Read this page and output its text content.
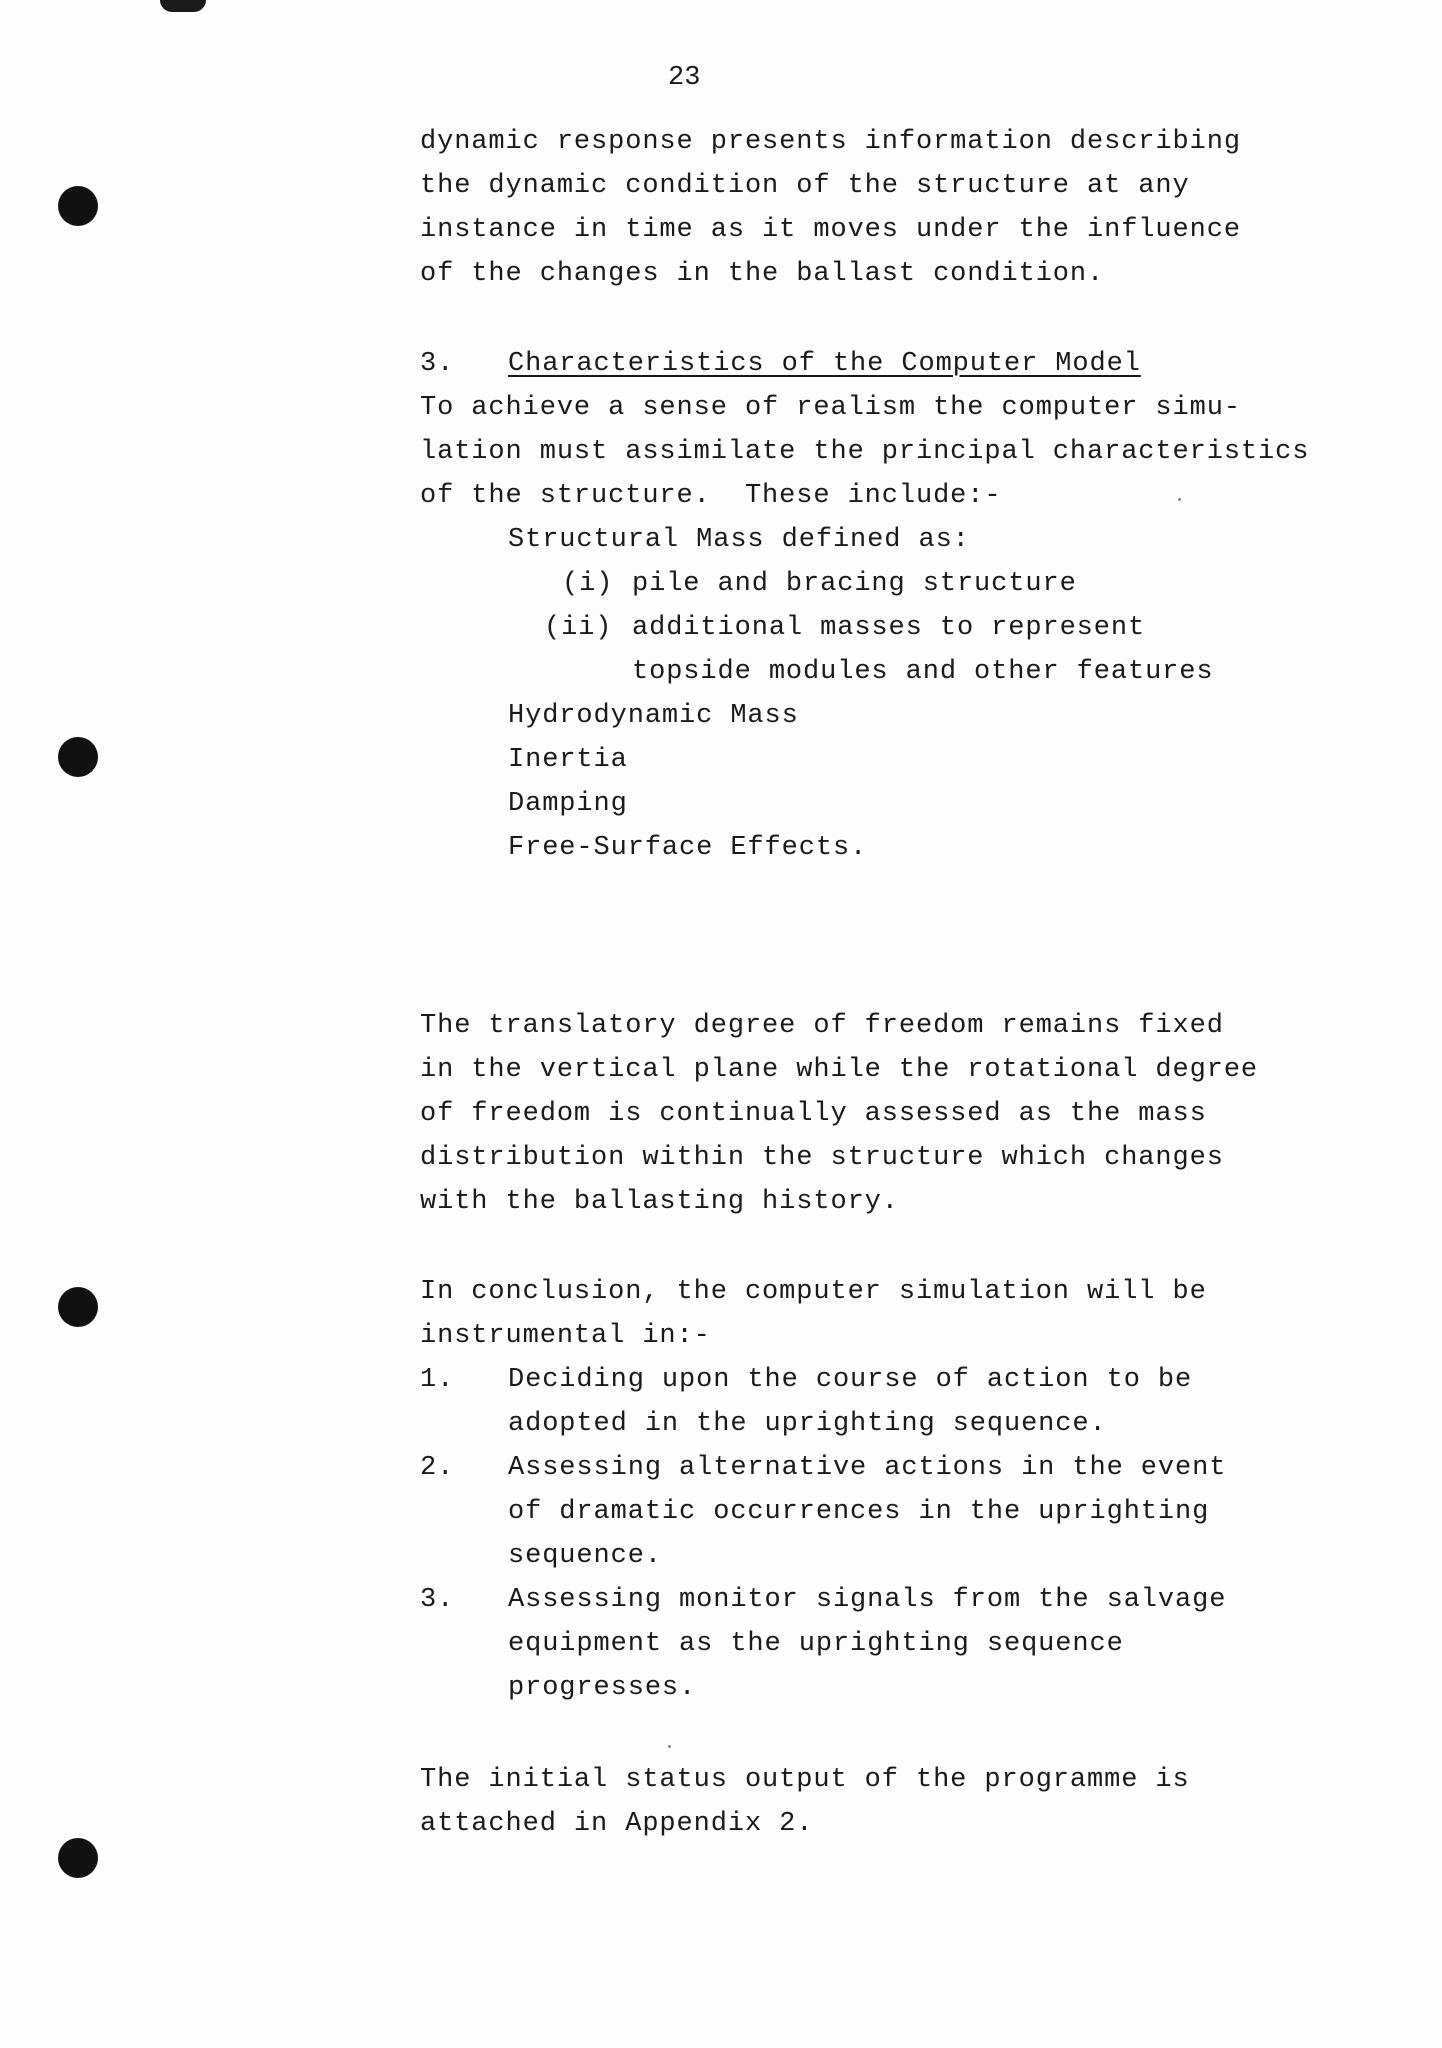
23
dynamic response presents information describing
the dynamic condition of the structure at any
instance in time as it moves under the influence
of the changes in the ballast condition.
3. Characteristics of the Computer Model
To achieve a sense of realism the computer simu-
lation must assimilate the principal characteristics
of the structure.  These include:-
Structural Mass defined as:
(i) pile and bracing structure
(ii) additional masses to represent
topside modules and other features
Hydrodynamic Mass
Inertia
Damping
Free-Surface Effects.
The translatory degree of freedom remains fixed
in the vertical plane while the rotational degree
of freedom is continually assessed as the mass
distribution within the structure which changes
with the ballasting history.
In conclusion, the computer simulation will be
instrumental in:-
1. Deciding upon the course of action to be
adopted in the uprighting sequence.
2. Assessing alternative actions in the event
of dramatic occurrences in the uprighting
sequence.
3. Assessing monitor signals from the salvage
equipment as the uprighting sequence
progresses.
The initial status output of the programme is
attached in Appendix 2.
